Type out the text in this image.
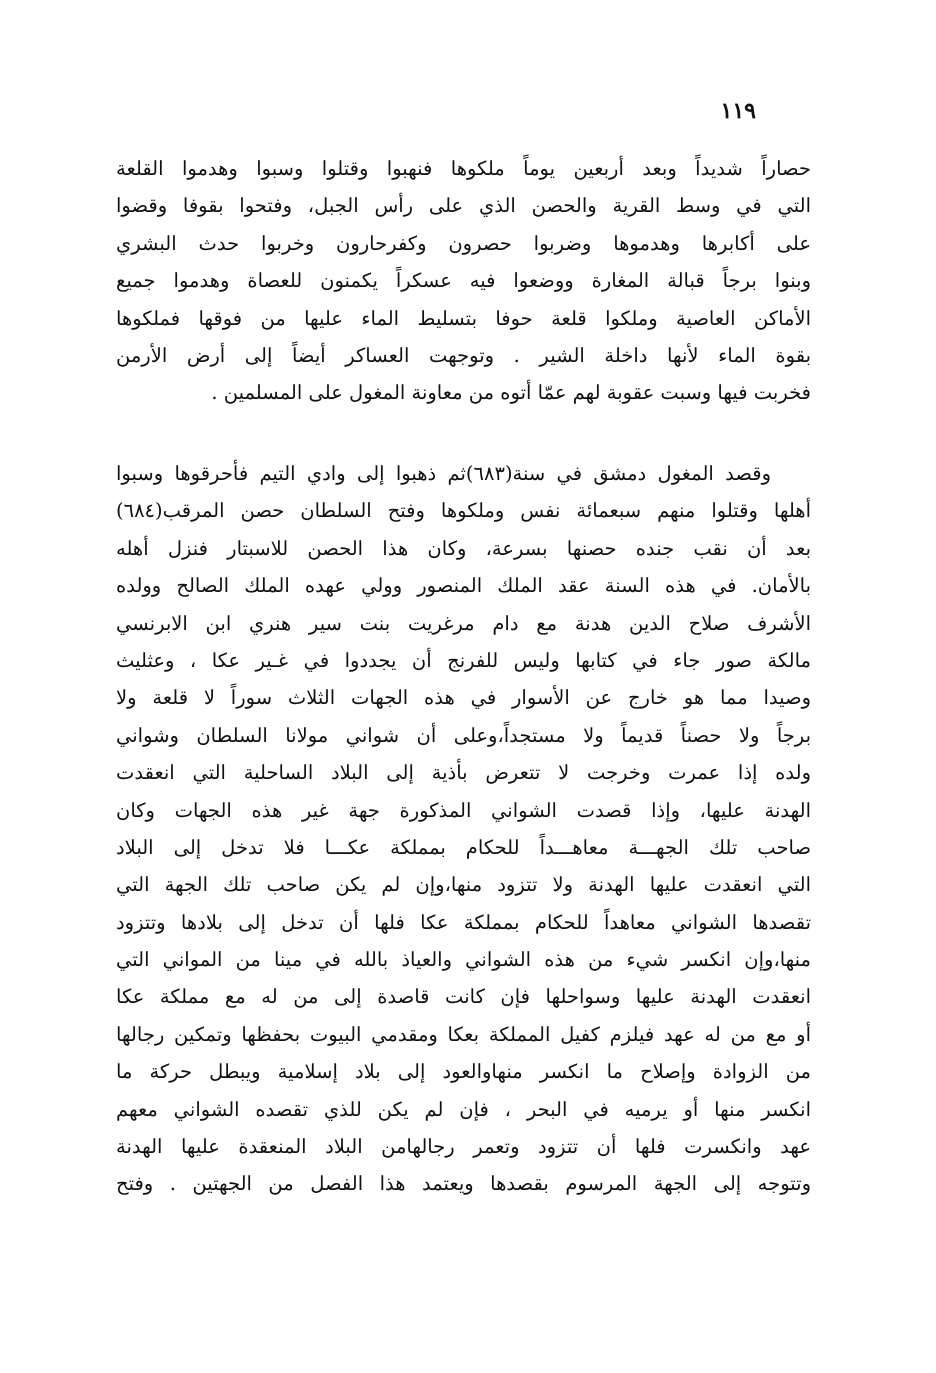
١١٩
حصاراً شديداً وبعد أربعين يوماً ملكوها فنهبوا وقتلوا وسبوا وهدموا القلعة
التي في وسط القرية والحصن الذي على رأس الجبل، وفتحوا بقوفا وقضوا
على أكابرها وهدموها وضربوا حصرون وكفرحارون وخربوا حدث البشري
وبنوا برجاً قبالة المغارة ووضعوا فيه عسكراً يكمنون للعصاة وهدموا جميع
الأماكن العاصية وملكوا قلعة حوفا بتسليط الماء عليها من فوقها فملكوها
بقوة الماء لأنها داخلة الشير . وتوجهت العساكر أيضاً إلى أرض الأرمن
فخربت فيها وسبت عقوبة لهم عمّا أتوه من معاونة المغول على المسلمين .
وقصد المغول دمشق في سنة(٦٨٣)ثم ذهبوا إلى وادي التيم فأحرقوها وسبوا
أهلها وقتلوا منهم سبعمائة نفس وملكوها وفتح السلطان حصن المرقب(٦٨٤)
بعد أن نقب جنده حصنها بسرعة، وكان هذا الحصن للاسبتار فنزل أهله
بالأمان. في هذه السنة عقد الملك المنصور وولي عهده الملك الصالح وولده
الأشرف صلاح الدين هدنة مع دام مرغريت بنت سير هنري ابن الابرنسي
مالكة صور جاء في كتابها وليس للفرنج أن يجددوا في غـير عكا ، وعثليث
وصيدا مما هو خارج عن الأسوار في هذه الجهات الثلاث سوراً لا قلعة ولا
برجاً ولا حصناً قديماً ولا مستجداً،وعلى أن شواني مولانا السلطان وشواني
ولده إذا عمرت وخرجت لا تتعرض بأذية إلى البلاد الساحلية التي انعقدت
الهدنة عليها، وإذا قصدت الشواني المذكورة جهة غير هذه الجهات وكان
صاحب تلك الجهـــة معاهـــداً للحكام بمملكة عكـــا فلا تدخل إلى البلاد
التي انعقدت عليها الهدنة ولا تتزود منها،وإن لم يكن صاحب تلك الجهة التي
تقصدها الشواني معاهداً للحكام بمملكة عكا فلها أن تدخل إلى بلادها وتتزود
منها،وإن انكسر شيء من هذه الشواني والعياذ بالله في مينا من المواني التي
انعقدت الهدنة عليها وسواحلها فإن كانت قاصدة إلى من له مع مملكة عكا
أو مع من له عهد فيلزم كفيل المملكة بعكا ومقدمي البيوت بحفظها وتمكين رجالها
من الزوادة وإصلاح ما انكسر منهاوالعود إلى بلاد إسلامية ويبطل حركة ما
انكسر منها أو يرميه في البحر ، فإن لم يكن للذي تقصده الشواني معهم
عهد وانكسرت فلها أن تتزود وتعمر رجالهامن البلاد المنعقدة عليها الهدنة
وتتوجه إلى الجهة المرسوم بقصدها ويعتمد هذا الفصل من الجهتين . وفتح
